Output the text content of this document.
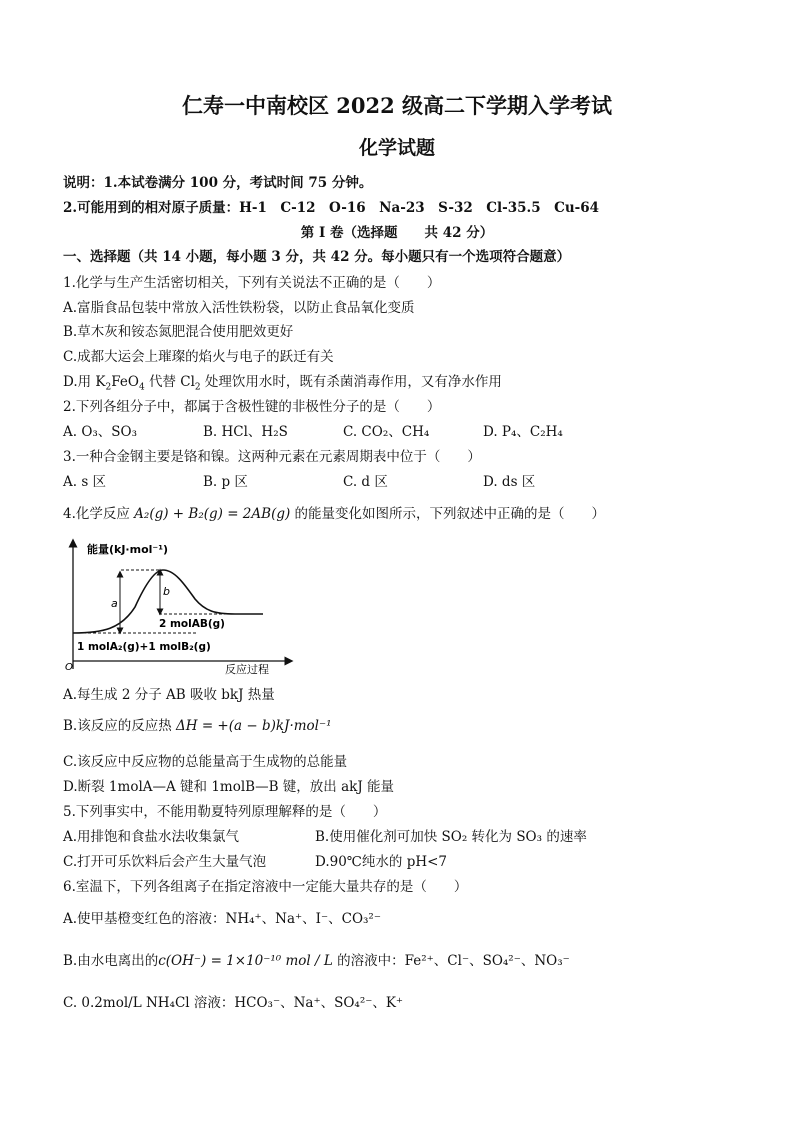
仁寿一中南校区 2022 级高二下学期入学考试
化学试题
说明：1.本试卷满分 100 分，考试时间 75 分钟。
2.可能用到的相对原子质量：H-1　C-12　O-16　Na-23　S-32　Cl-35.5　Cu-64
第 I 卷（选择题　　共 42 分）
一、选择题（共 14 小题，每小题 3 分，共 42 分。每小题只有一个选项符合题意）
1.化学与生产生活密切相关，下列有关说法不正确的是（　　）
A.富脂食品包装中常放入活性铁粉袋，以防止食品氧化变质
B.草木灰和铵态氮肥混合使用肥效更好
C.成都大运会上璀璨的焰火与电子的跃迁有关
D.用 $K_2FeO_4$ 代替 $Cl_2$ 处理饮用水时，既有杀菌消毒作用，又有净水作用
2.下列各组分子中，都属于含极性键的非极性分子的是（　　）
A. O₃、SO₃	B. HCl、H₂S	C. CO₂、CH₄	D. P₄、C₂H₄
3.一种合金钢主要是铬和镍。这两种元素在元素周期表中位于（　　）
A. s 区	B. p 区	C. d 区	D. ds 区
4.化学反应 A₂(g) + B₂(g) = 2AB(g) 的能量变化如图所示，下列叙述中正确的是（　　）
能量(kJ·mol⁻¹)
O	反应过程
a
b
2 molAB(g)
1 molA₂(g)+1 molB₂(g)
A.每生成 2 分子 AB 吸收 bkJ 热量
B.该反应的反应热 ΔH = +(a − b)kJ·mol⁻¹
C.该反应中反应物的总能量高于生成物的总能量
D.断裂 1molA—A 键和 1molB—B 键，放出 akJ 能量
5.下列事实中，不能用勒夏特列原理解释的是（　　）
A.用排饱和食盐水法收集氯气	B.使用催化剂可加快 SO₂ 转化为 SO₃ 的速率
C.打开可乐饮料后会产生大量气泡	D.90℃纯水的 pH<7
6.室温下，下列各组离子在指定溶液中一定能大量共存的是（　　）
A.使甲基橙变红色的溶液：NH₄⁺、Na⁺、I⁻、CO₃²⁻
B.由水电离出的c(OH⁻) = 1×10⁻¹⁰ mol / L 的溶液中：Fe²⁺、Cl⁻、SO₄²⁻、NO₃⁻
C. 0.2mol/L NH₄Cl 溶液：HCO₃⁻、Na⁺、SO₄²⁻、K⁺
